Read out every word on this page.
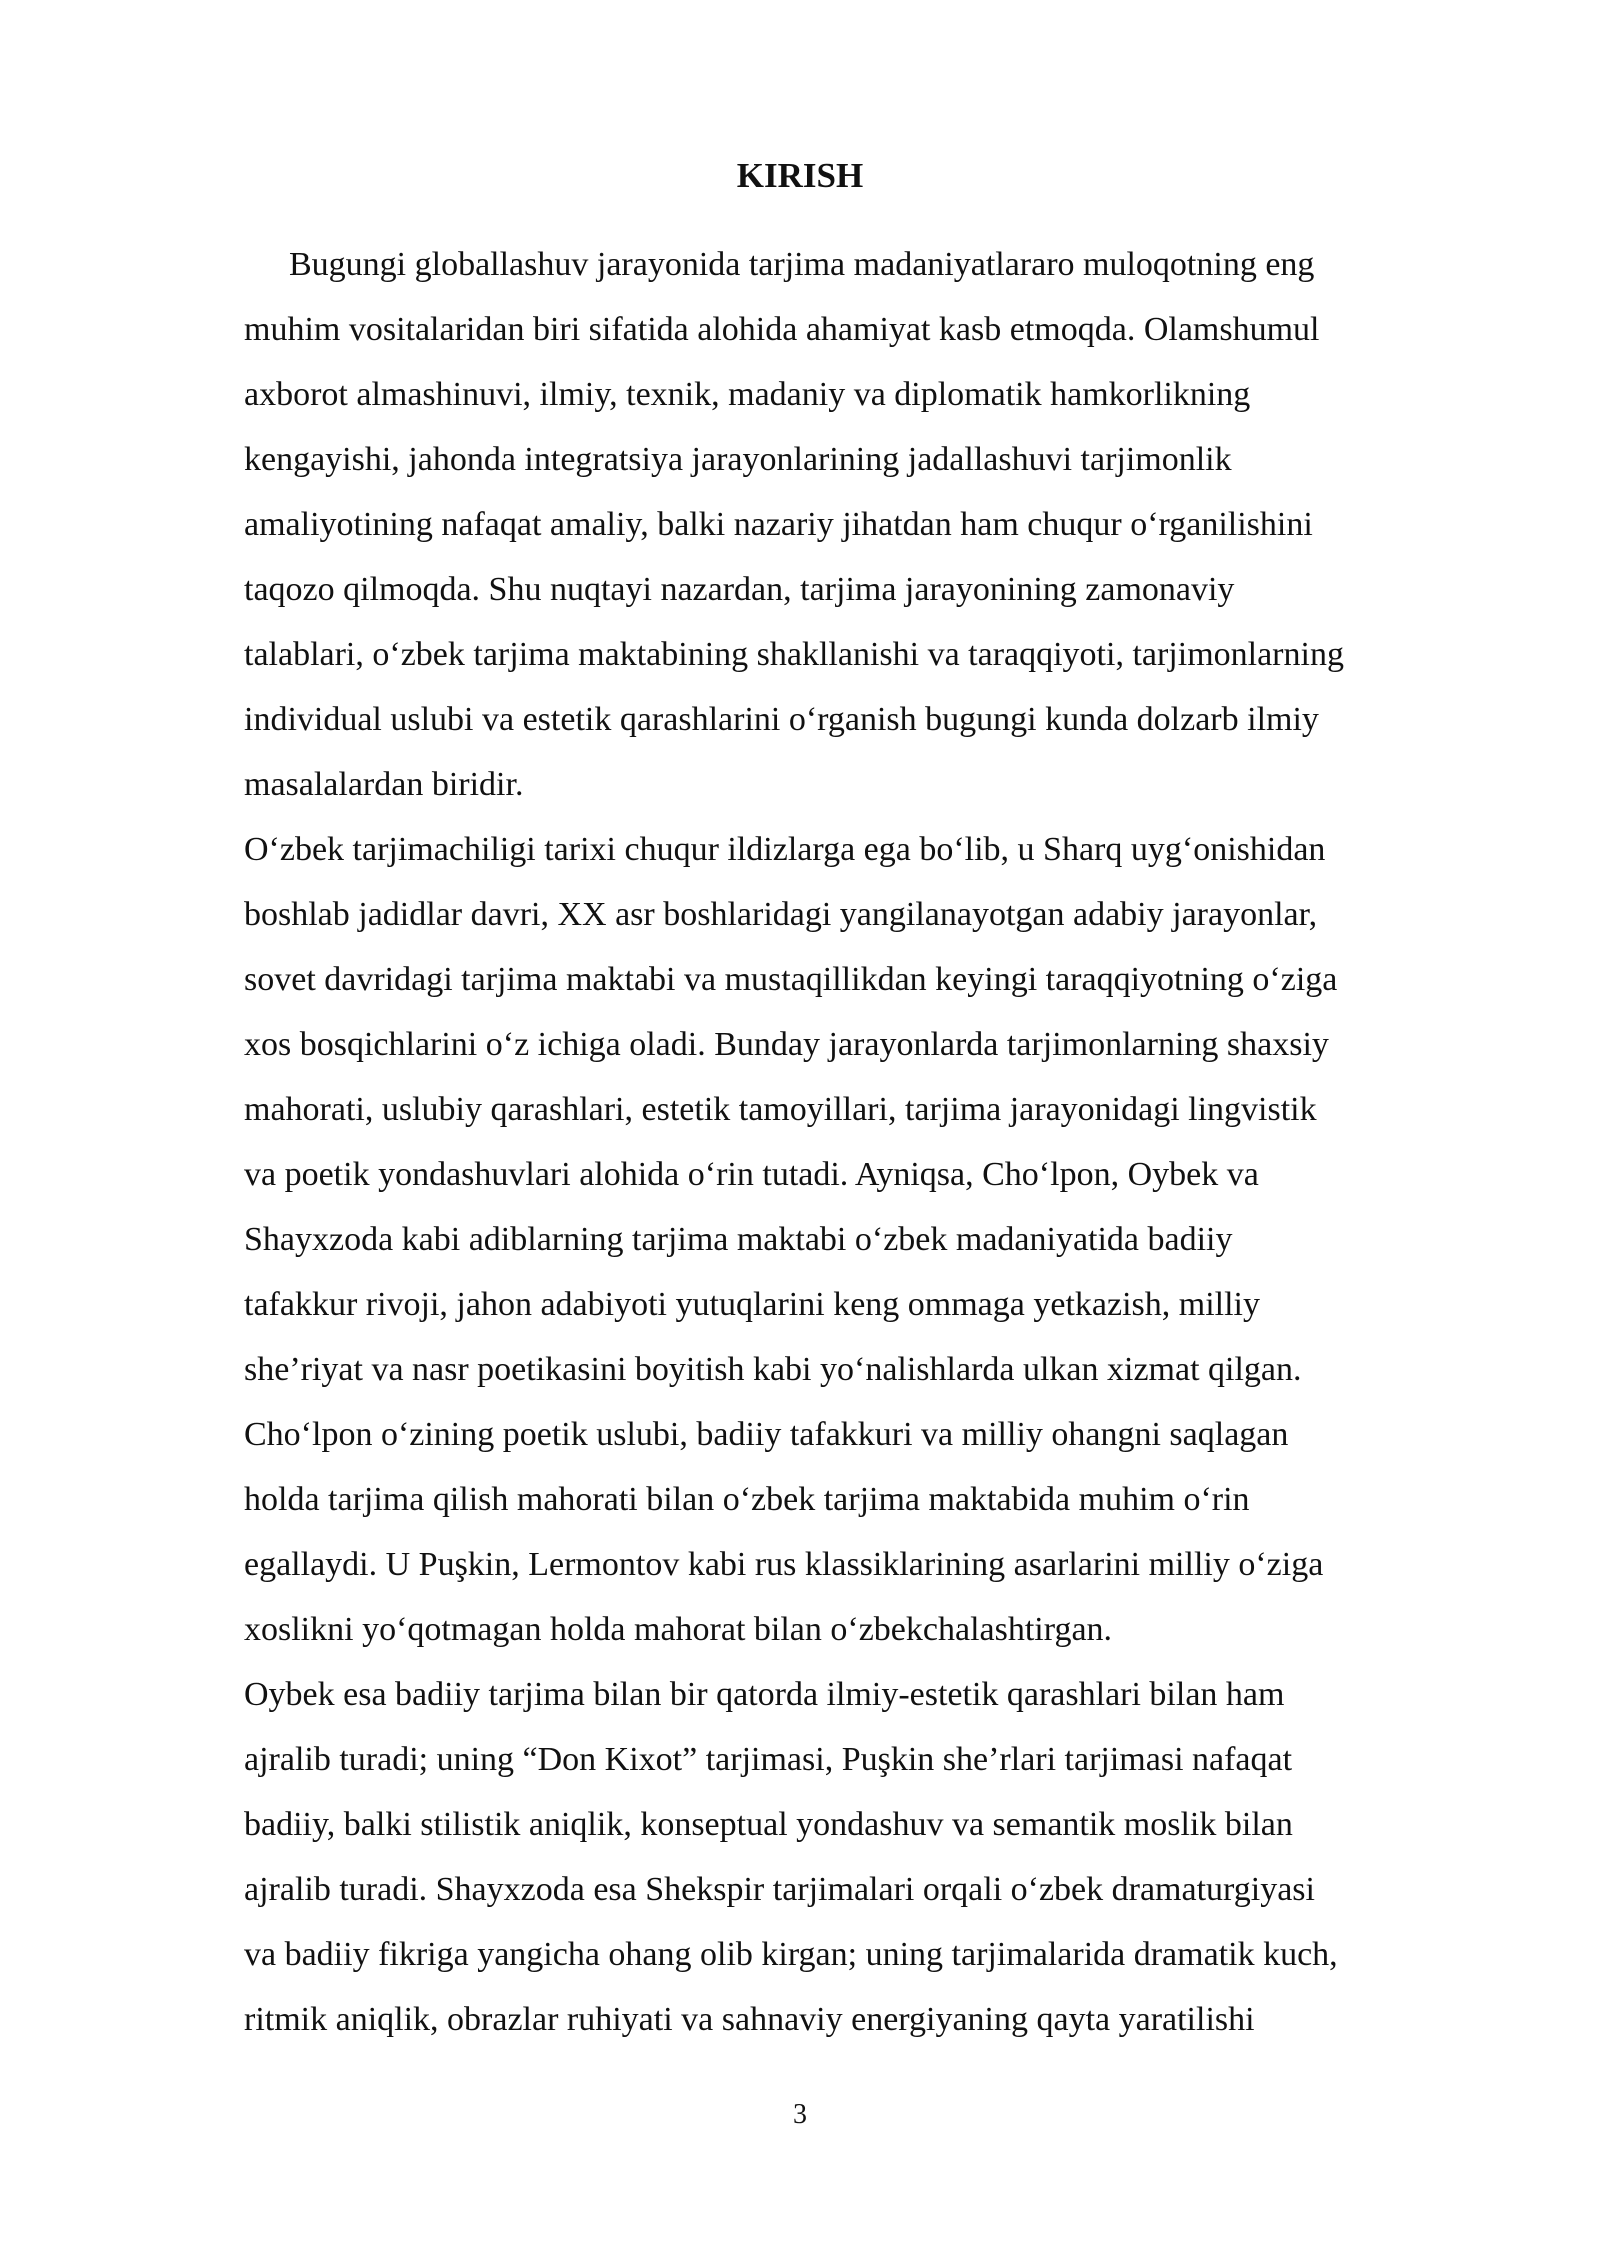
KIRISH
Bugungi globallashuv jarayonida tarjima madaniyatlararo muloqotning eng
muhim vositalaridan biri sifatida alohida ahamiyat kasb etmoqda. Olamshumul
axborot almashinuvi, ilmiy, texnik, madaniy va diplomatik hamkorlikning
kengayishi, jahonda integratsiya jarayonlarining jadallashuvi tarjimonlik
amaliyotining nafaqat amaliy, balki nazariy jihatdan ham chuqur oʻrganilishini
taqozo qilmoqda. Shu nuqtayi nazardan, tarjima jarayonining zamonaviy
talablari, oʻzbek tarjima maktabining shakllanishi va taraqqiyoti, tarjimonlarning
individual uslubi va estetik qarashlarini oʻrganish bugungi kunda dolzarb ilmiy
masalalardan biridir.
Oʻzbek tarjimachiligi tarixi chuqur ildizlarga ega boʻlib, u Sharq uygʻonishidan
boshlab jadidlar davri, XX asr boshlaridagi yangilanayotgan adabiy jarayonlar,
sovet davridagi tarjima maktabi va mustaqillikdan keyingi taraqqiyotning oʻziga
xos bosqichlarini oʻz ichiga oladi. Bunday jarayonlarda tarjimonlarning shaxsiy
mahorati, uslubiy qarashlari, estetik tamoyillari, tarjima jarayonidagi lingvistik
va poetik yondashuvlari alohida oʻrin tutadi. Ayniqsa, Choʻlpon, Oybek va
Shayxzoda kabi adiblarning tarjima maktabi oʻzbek madaniyatida badiiy
tafakkur rivoji, jahon adabiyoti yutuqlarini keng ommaga yetkazish, milliy
she’riyat va nasr poetikasini boyitish kabi yoʻnalishlarda ulkan xizmat qilgan.
Choʻlpon oʻzining poetik uslubi, badiiy tafakkuri va milliy ohangni saqlagan
holda tarjima qilish mahorati bilan oʻzbek tarjima maktabida muhim oʻrin
egallaydi. U Puşkin, Lermontov kabi rus klassiklarining asarlarini milliy oʻziga
xoslikni yoʻqotmagan holda mahorat bilan oʻzbekchalashtirgan.
Oybek esa badiiy tarjima bilan bir qatorda ilmiy-estetik qarashlari bilan ham
ajralib turadi; uning “Don Kixot” tarjimasi, Puşkin she’rlari tarjimasi nafaqat
badiiy, balki stilistik aniqlik, konseptual yondashuv va semantik moslik bilan
ajralib turadi. Shayxzoda esa Shekspir tarjimalari orqali oʻzbek dramaturgiyasi
va badiiy fikriga yangicha ohang olib kirgan; uning tarjimalarida dramatik kuch,
ritmik aniqlik, obrazlar ruhiyati va sahnaviy energiyaning qayta yaratilishi
3
